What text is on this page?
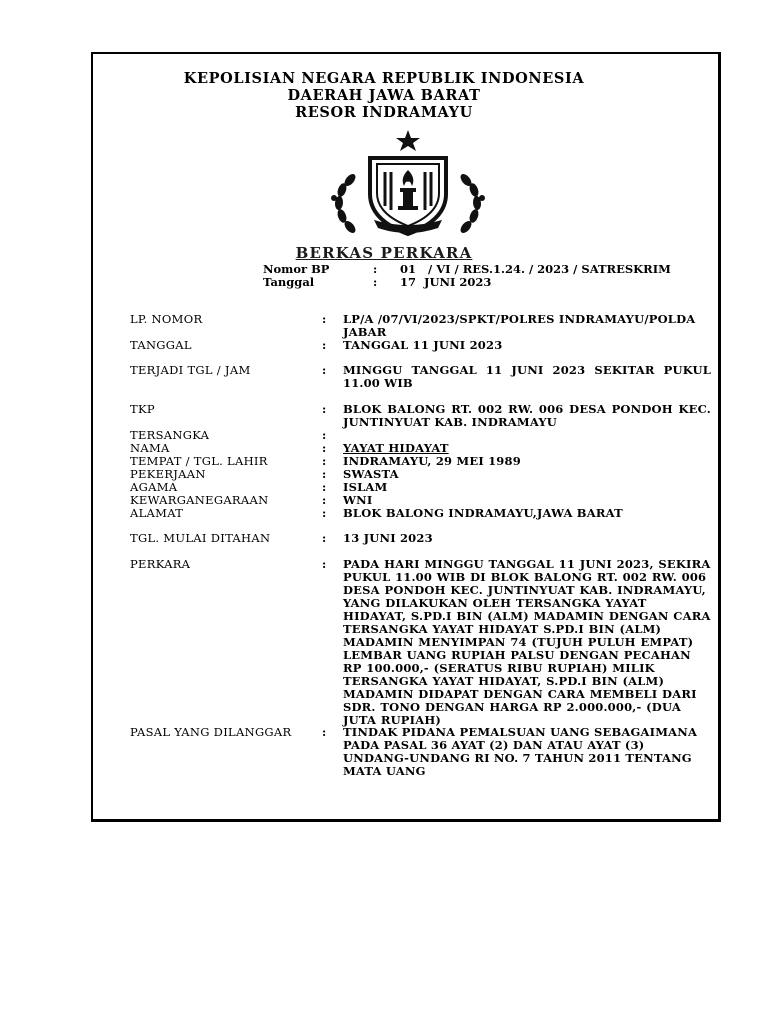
KEPOLISIAN NEGARA REPUBLIK INDONESIA
DAERAH JAWA BARAT
RESOR INDRAMAYU
BERKAS PERKARA
Nomor BP	: 01   / VI / RES.1.24. / 2023 / SATRESKRIM
Tanggal	: 17  JUNI 2023
LP. NOMOR	: LP/A /07/VI/2023/SPKT/POLRES INDRAMAYU/POLDA JABAR
TANGGAL	: TANGGAL 11 JUNI 2023
TERJADI TGL / JAM	: MINGGU TANGGAL 11 JUNI 2023 SEKITAR PUKUL 11.00 WIB
TKP	: BLOK BALONG RT. 002 RW. 006 DESA PONDOH KEC. JUNTINYUAT KAB. INDRAMAYU
TERSANGKA	:
NAMA	: YAYAT HIDAYAT
TEMPAT / TGL. LAHIR	: INDRAMAYU, 29 MEI 1989
PEKERJAAN	: SWASTA
AGAMA	: ISLAM
KEWARGANEGARAAN	: WNI
ALAMAT	: BLOK BALONG INDRAMAYU,JAWA BARAT
TGL. MULAI DITAHAN	: 13 JUNI 2023
PERKARA	: PADA HARI MINGGU TANGGAL 11 JUNI 2023, SEKIRA PUKUL 11.00 WIB DI BLOK BALONG RT. 002 RW. 006 DESA PONDOH KEC. JUNTINYUAT KAB. INDRAMAYU, YANG DILAKUKAN OLEH TERSANGKA YAYAT HIDAYAT, S.PD.I BIN (ALM) MADAMIN DENGAN CARA TERSANGKA YAYAT HIDAYAT S.PD.I BIN (ALM) MADAMIN MENYIMPAN 74 (TUJUH PULUH EMPAT) LEMBAR UANG RUPIAH PALSU DENGAN PECAHAN RP 100.000,- (SERATUS RIBU RUPIAH) MILIK TERSANGKA YAYAT HIDAYAT, S.PD.I BIN (ALM) MADAMIN DIDAPAT DENGAN CARA MEMBELI DARI SDR. TONO DENGAN HARGA RP 2.000.000,- (DUA JUTA RUPIAH)
PASAL YANG DILANGGAR	: TINDAK PIDANA PEMALSUAN UANG SEBAGAIMANA PADA PASAL 36 AYAT (2) DAN ATAU AYAT (3) UNDANG-UNDANG RI NO. 7 TAHUN 2011 TENTANG MATA UANG
